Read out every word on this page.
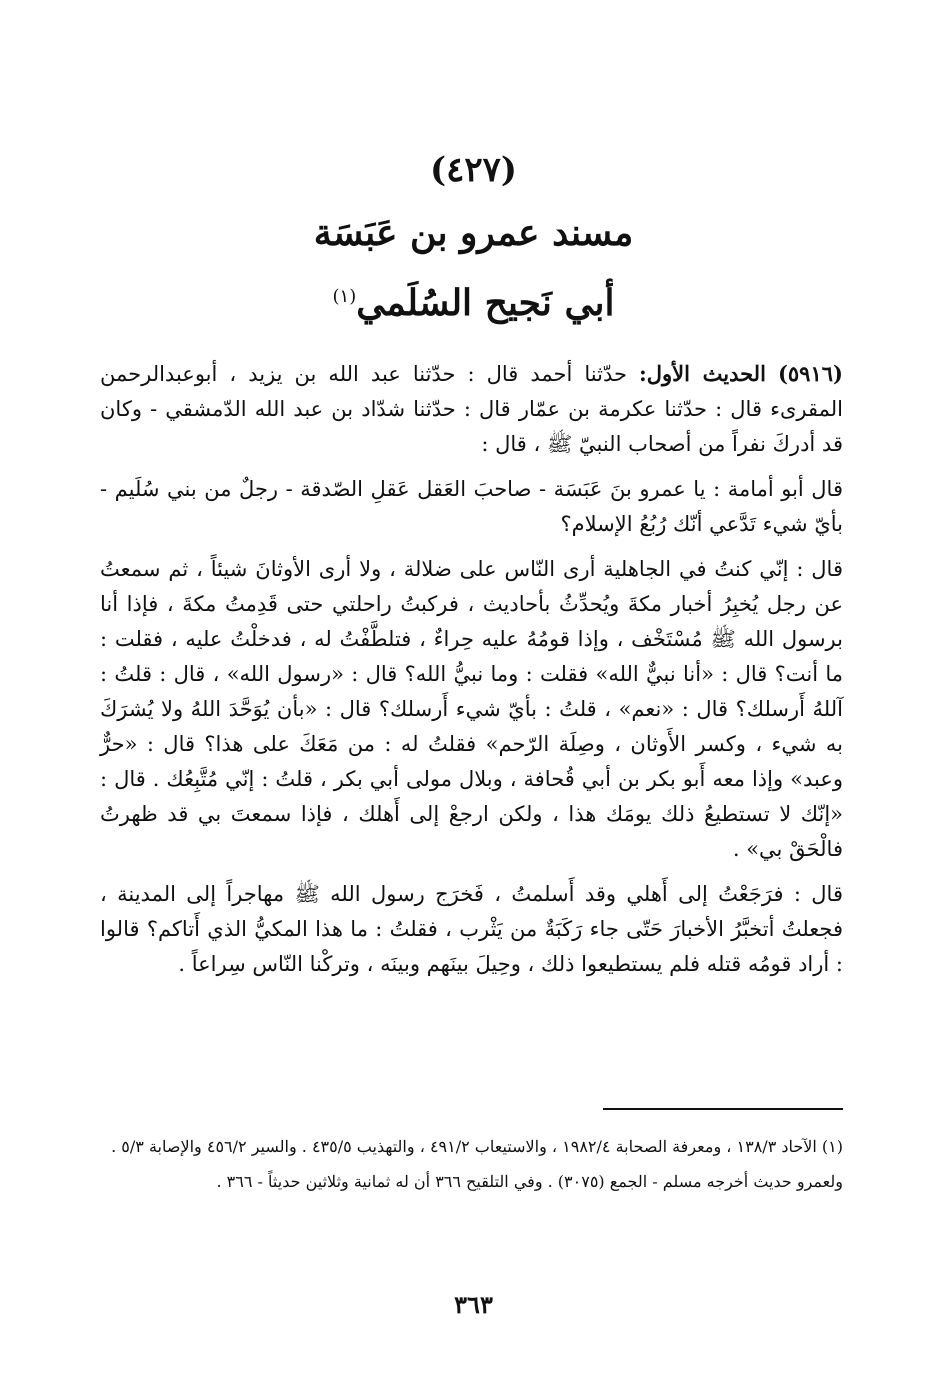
(٤٢٧)
مسند عمرو بن عَبَسَة
أبي نَجيح السُلَمي$^{(١)}$

(٥٩١٦) الحديث الأول: حدّثنا أحمد قال : حدّثنا عبد الله بن يزيد ، أبوعبدالرحمن المقرىء قال : حدّثنا عكرمة بن عمّار قال : حدّثنا شدّاد بن عبد الله الدّمشقي - وكان قد أدركَ نفراً من أصحاب النبيّ ﷺ ، قال :

قال أبو أمامة : يا عمرو بنَ عَبَسَة - صاحبَ العَقل عَقلِ الصّدقة - رجلٌ من بني سُلَيم - بأيّ شيء تَدَّعي أنّك رُبُعُ الإسلام؟

قال : إنّي كنتُ في الجاهلية أرى النّاس على ضلالة ، ولا أرى الأوثانَ شيئاً ، ثم سمعتُ عن رجل يُخبِرُ أخبار مكةَ ويُحدِّثُ بأحاديث ، فركبتُ راحلتي حتى قَدِمتُ مكةَ ، فإذا أنا برسول الله ﷺ مُسْتَخْف ، وإذا قومُهُ عليه حِراءٌ ، فتلطَّفْتُ له ، فدخلْتُ عليه ، فقلت : ما أنت؟ قال : «أنا نبيٌّ الله» فقلت : وما نبيُّ الله؟ قال : «رسول الله» ، قال : قلتُ : آللهُ أَرسلك؟ قال : «نعم» ، قلتُ : بأيّ شيء أَرسلك؟ قال : «بأن يُوَحَّدَ اللهُ ولا يُشرَكَ به شيء ، وكسر الأَوثان ، وصِلَة الرّحم» فقلتُ له : من مَعَكَ على هذا؟ قال : «حرٌّ وعبد» وإذا معه أَبو بكر بن أبي قُحافة ، وبلال مولى أبي بكر ، قلتُ : إنّي مُتَّبِعُك . قال : «إنّك لا تستطيعُ ذلك يومَك هذا ، ولكن ارجعْ إلى أَهلك ، فإذا سمعتَ بي قد ظهرتُ فالْحَقْ بي» .

قال : فرَجَعْتُ إلى أَهلي وقد أَسلمتُ ، فَخرَج رسول الله ﷺ مهاجراً إلى المدينة ، فجعلتُ أتخبَّرُ الأخبارَ حَتّى جاء رَكَبَةٌ من يَثْرب ، فقلتُ : ما هذا المكيُّ الذي أَتاكم؟ قالوا : أراد قومُه قتله فلم يستطيعوا ذلك ، وحِيلَ بينَهم وبينَه ، وتركْنا النّاس سِراعاً .

(١) الآحاد ١٣٨/٣ ، ومعرفة الصحابة ١٩٨٢/٤ ، والاستيعاب ٤٩١/٢ ، والتهذيب ٤٣٥/٥ . والسير ٤٥٦/٢ والإصابة ٥/٣ .

ولعمرو حديث أخرجه مسلم - الجمع (٣٠٧٥) . وفي التلقيح ٣٦٦ أن له ثمانية وثلاثين حديثاً - ٣٦٦ .

٣٦٣
